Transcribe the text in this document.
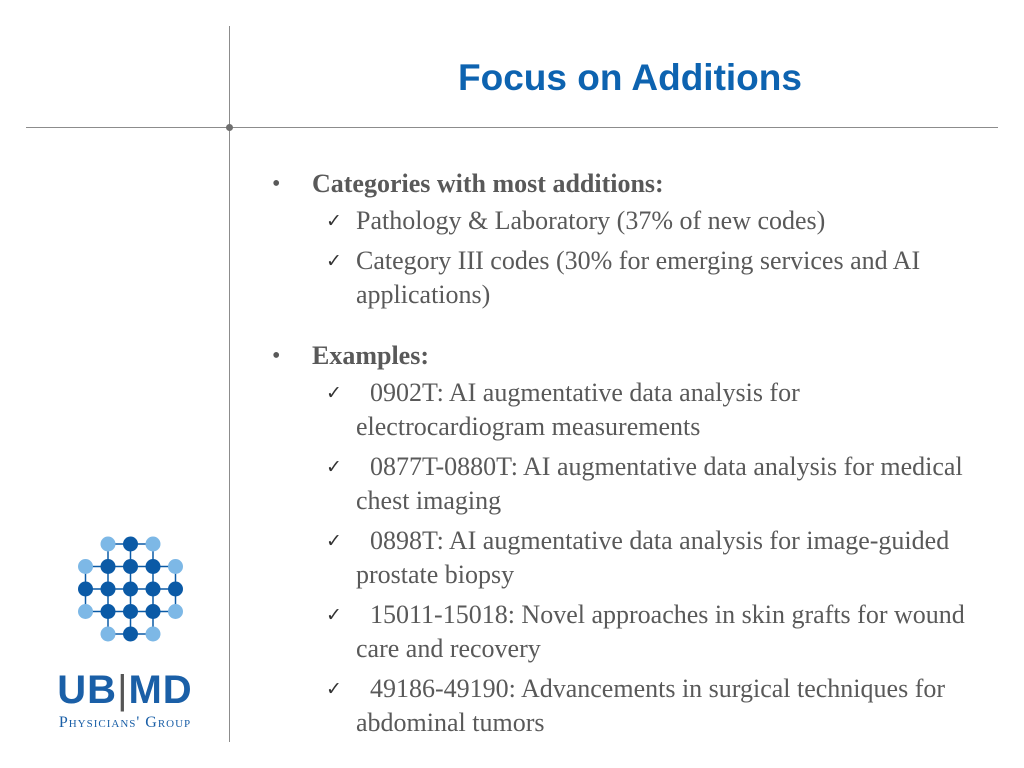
Focus on Additions
• Categories with most additions:
✓ Pathology & Laboratory (37% of new codes)
✓ Category III codes (30% for emerging services and AI applications)
• Examples:
✓	0902T: AI augmentative data analysis for electrocardiogram measurements
✓	0877T-0880T: AI augmentative data analysis for medical chest imaging
✓	0898T: AI augmentative data analysis for image-guided prostate biopsy
✓	15011-15018: Novel approaches in skin grafts for wound care and recovery
✓	49186-49190: Advancements in surgical techniques for abdominal tumors
UB|MD
Physicians' Group
